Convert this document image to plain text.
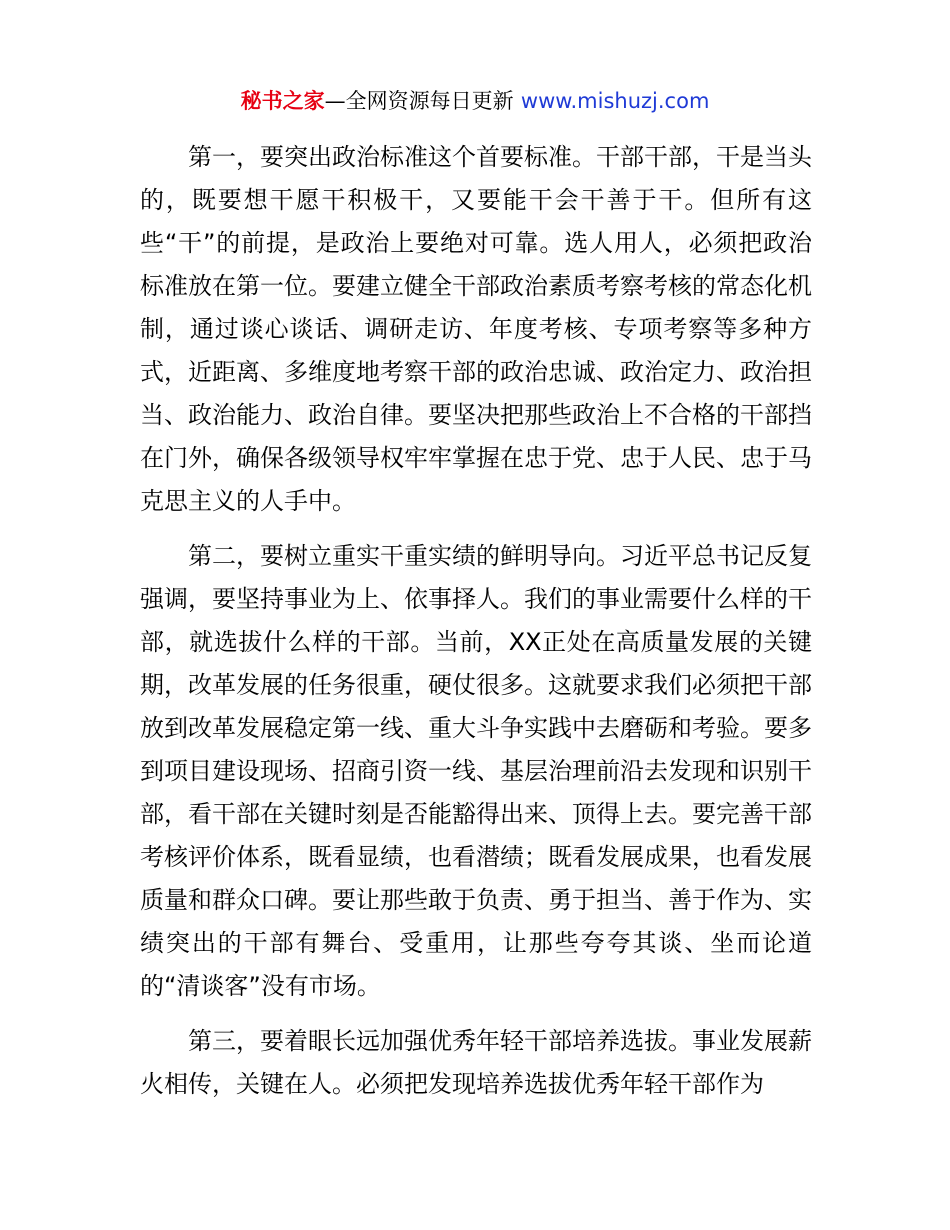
秘书之家—全网资源每日更新 www.mishuzj.com

第一，要突出政治标准这个首要标准。干部干部，干是当头的，既要想干愿干积极干，又要能干会干善于干。但所有这些“干”的前提，是政治上要绝对可靠。选人用人，必须把政治标准放在第一位。要建立健全干部政治素质考察考核的常态化机制，通过谈心谈话、调研走访、年度考核、专项考察等多种方式，近距离、多维度地考察干部的政治忠诚、政治定力、政治担当、政治能力、政治自律。要坚决把那些政治上不合格的干部挡在门外，确保各级领导权牢牢掌握在忠于党、忠于人民、忠于马克思主义的人手中。

第二，要树立重实干重实绩的鲜明导向。习近平总书记反复强调，要坚持事业为上、依事择人。我们的事业需要什么样的干部，就选拔什么样的干部。当前，XX正处在高质量发展的关键期，改革发展的任务很重，硬仗很多。这就要求我们必须把干部放到改革发展稳定第一线、重大斗争实践中去磨砺和考验。要多到项目建设现场、招商引资一线、基层治理前沿去发现和识别干部，看干部在关键时刻是否能豁得出来、顶得上去。要完善干部考核评价体系，既看显绩，也看潜绩；既看发展成果，也看发展质量和群众口碑。要让那些敢于负责、勇于担当、善于作为、实绩突出的干部有舞台、受重用，让那些夸夸其谈、坐而论道的“清谈客”没有市场。

第三，要着眼长远加强优秀年轻干部培养选拔。事业发展薪火相传，关键在人。必须把发现培养选拔优秀年轻干部作为
